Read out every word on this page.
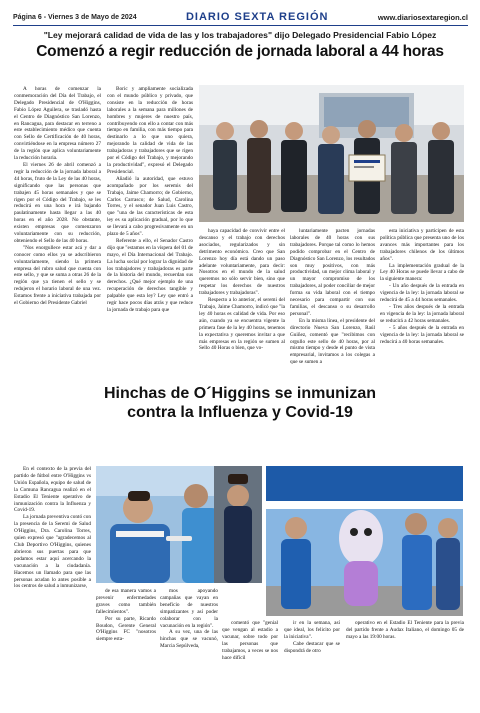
Página 6 - Viernes 3 de Mayo de 2024	DIARIO SEXTA REGIÓN	www.diariosextaregion.cl
"Ley mejorará calidad de vida de las y los trabajadores" dijo Delegado Presidencial Fabio López
Comenzó a regir reducción de jornada laboral a 44 horas

A horas de comenzar la conmemoración del Día del Trabajo, el Delegado Presidencial de O'Higgins, Fabio López Aguilera, se trasladó hasta el Centro de Diagnóstico San Lorenzo, en Rancagua, para destacar en terreno a este establecimiento médico que cuenta con Sello de Certificación de 40 horas, convirtiéndose en la empresa número 27 de la región que aplica voluntariamente la reducción horaria.

El viernes 26 de abril comenzó a regir la reducción de la jornada laboral a 44 horas, fruto de la Ley de las 40 horas, significando que las personas que trabajen 45 horas semanales y que se rigen por el Código del Trabajo, se les reducirá en una hora e irá bajando paulatinamente hasta llegar a las 40 horas en el año 2028. No obstante, existen empresas que comenzaron voluntariamente con su reducción, obteniendo el Sello de las 40 horas.

"Nos enorgullece estar acá y dar a conocer como ellos ya se adscribieron voluntariamente, siendo la primera empresa del rubro salud que cuenta con este sello, y que se suma a otras 26 de la región que ya tienen el sello y se redujeron el horario laboral de una vez. Estamos frente a iniciativa trabajada por el Gobierno del Presidente Gabriel

Boric y ampliamente socializada con el mundo público y privado, que consiste en la reducción de horas laborales a la semana para millones de hombres y mujeres de nuestro país, contribuyendo con ello a contar con más tiempo en familia, con más tiempo para destinarlo a lo que uno quiera, mejorando la calidad de vida de las trabajadoras y trabajadores que se rigen por el Código del Trabajo, y mejorando la productividad", expresó el Delegado Presidencial.

Añadió la autoridad, que estuvo acompañado por los seremis del Trabajo, Jaime Chamorro; de Gobierno, Carlos Carrasco; de Salud, Carolina Torres, y el senador Juan Luis Castro, que "una de las características de esta ley es su aplicación gradual, por lo que se llevará a cabo progresivamente en un plazo de 5 años".

Referente a ello, el Senador Castro dijo que "estamos en la víspera del 01 de mayo, el Día Internacional del Trabajo. La lucha social por lograr la dignidad de los trabajadores y trabajadoras es parte de la historia del mundo, recuerdan sus derechos. ¿Qué mejor ejemplo de una recuperación de derechos tangible y palpable que esta ley? Ley que entró a regir hace pocos días atrás y que reduce la jornada de trabajo para que

haya capacidad de convivir entre el descanso y el trabajo con derechos asociados, regularizados y sin detrimento económico. Creo que San Lorenzo hoy día está dando un paso adelante voluntariamente, para decir: Nosotros en el mundo de la salud queremos no sólo servir bien, sino que respetar los derechos de nuestros trabajadores y trabajadoras".

Respecto a lo anterior, el seremi del Trabajo, Jaime Chamorro, indicó que "la ley 40 horas es calidad de vida. Por eso aún, cuando ya se encuentra vigente la primera fase de la ley 40 horas, tenemos la expectativa y queremos invitar a que más empresas en la región se sumen al Sello 40 Horas o bien, que vo-

luntariamente pacten jornadas laborales de 40 horas con sus trabajadores. Porque tal como lo hemos podido comprobar en el Centro de Diagnóstico San Lorenzo, los resultados son muy positivos, con más productividad, un mejor clima laboral y un mayor compromiso de los trabajadores, al poder conciliar de mejor forma su vida laboral con el tiempo necesario para compartir con sus familias, el descanso o su desarrollo personal".

En la misma línea, el presidente del directorio Nueva San Lorenzo, Raúl Guiñez, comentó que "recibimos con orgullo este sello de 40 horas, por al mismo tiempo y desde el punto de vista empresarial, invitamos a los colegas a que se sumen a

esta iniciativa y participen de esta política pública que presenta uno de los avances más importantes para los trabajadores chilenos de los últimos años".

La implementación gradual de la Ley 40 Horas se puede llevar a cabo de la siguiente manera:

- Un año después de la entrada en vigencia de la ley: la jornada laboral se reducirá de 45 a 44 horas semanales.

- Tres años después de la entrada en vigencia de la ley: la jornada laboral se reducirá a 42 horas semanales.

- 5 años después de la entrada en vigencia de la ley: la jornada laboral se reducirá a 40 horas semanales.

Hinchas de O´Higgins se inmunizan
contra la Influenza y Covid-19

En el contexto de la previa del partido de fútbol entre O'Higgins vs Unión Española, equipo de salud de la Comuna Rancagua realizó en el Estadio El Teniente operativo de inmunización contra la Influenza y Covid-19.

La jornada preventiva contó con la presencia de la Seremi de Salud O'Higgins, Dra. Carolina Torres, quien expresó que "agradecemos al Club Deportivo O'Higgins, quienes abrieron sus puertas para que podamos estar aquí acercando la vacunación a la ciudadanía. Hacemos un llamado para que las personas acudan lo antes posible a los centros de salud a inmunizarse,

de esa manera vamos a prevenir enfermedades graves como también fallecimientos".

Por su parte, Ricardo Boudon, Gerente General O'Higgins FC "nosotros siempre esta-

mos apoyando campañas que vayan en beneficio de nuestros simpatizantes y así poder colaborar con la vacunación en la región".

A su vez, una de las hinchas que se vacunó, Marcia Sepúlveda,

comentó que "genial que vengan al estadio a vacunar, sobre todo por las personas que trabajamos, a veces se nos hace difícil

ir en la semana, así que ideal, los felicito por la iniciativa".

Cabe destacar que se dispondrá de otro

operativo en el Estadio El Teniente para la previa del partido frente a Audax Italiano, el domingo 05 de mayo a las 19:00 horas.
